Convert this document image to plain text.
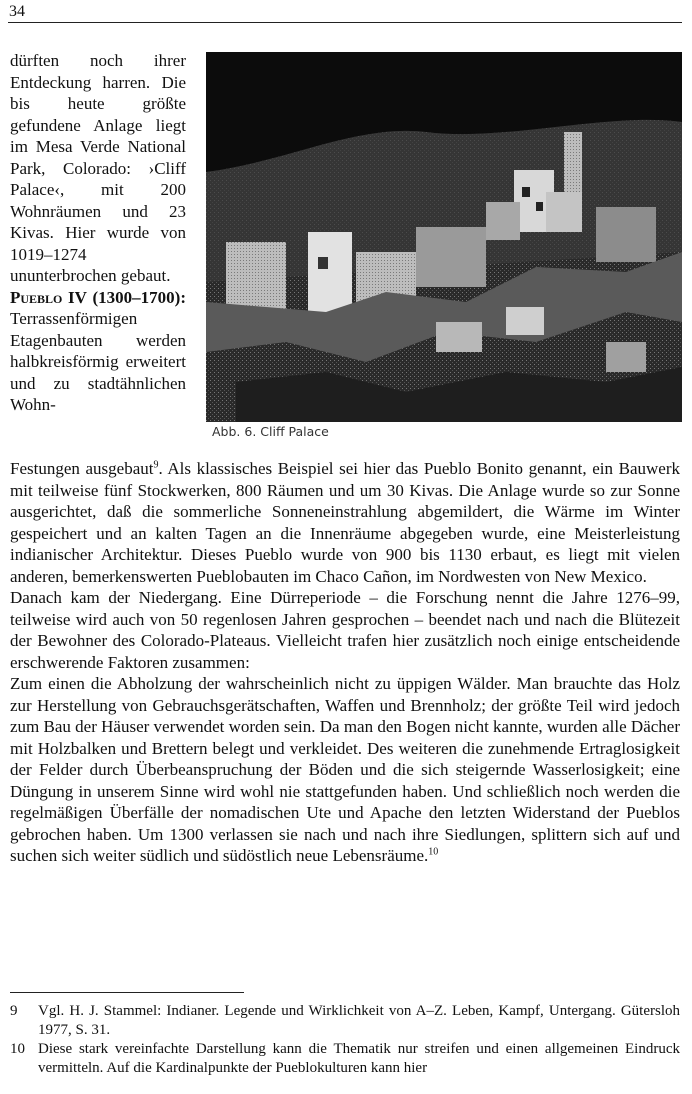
34
Abb. 6. Cliff Palace

dürften noch ihrer Entdeckung harren. Die bis heute größte gefundene Anlage liegt im Mesa Verde National Park, Colorado: ›Cliff Palace‹, mit 200 Wohnräumen und 23 Kivas. Hier wurde von 1019–1274 ununterbrochen gebaut.

Pueblo IV (1300–1700): Terrassenförmigen Etagenbauten werden halbkreisförmig erweitert und zu stadtähnlichen Wohn-

Festungen ausgebaut$^9$. Als klassisches Beispiel sei hier das Pueblo Bonito genannt, ein Bauwerk mit teilweise fünf Stockwerken, 800 Räumen und um 30 Kivas. Die Anlage wurde so zur Sonne ausgerichtet, daß die sommerliche Sonneneinstrahlung abgemildert, die Wärme im Winter gespeichert und an kalten Tagen an die Innenräume abgegeben wurde, eine Meisterleistung indianischer Architektur. Dieses Pueblo wurde von 900 bis 1130 erbaut, es liegt mit vielen anderen, bemerkenswerten Pueblobauten im Chaco Cañon, im Nordwesten von New Mexico.

Danach kam der Niedergang. Eine Dürreperiode – die Forschung nennt die Jahre 1276–99, teilweise wird auch von 50 regenlosen Jahren gesprochen – beendet nach und nach die Blütezeit der Bewohner des Colorado-Plateaus. Vielleicht trafen hier zusätzlich noch einige entscheidende erschwerende Faktoren zusammen:

Zum einen die Abholzung der wahrscheinlich nicht zu üppigen Wälder. Man brauchte das Holz zur Herstellung von Gebrauchsgerätschaften, Waffen und Brennholz; der größte Teil wird jedoch zum Bau der Häuser verwendet worden sein. Da man den Bogen nicht kannte, wurden alle Dächer mit Holzbalken und Brettern belegt und verkleidet. Des weiteren die zunehmende Ertraglosigkeit der Felder durch Überbeanspruchung der Böden und die sich steigernde Wasserlosigkeit; eine Düngung in unserem Sinne wird wohl nie stattgefunden haben. Und schließlich noch werden die regelmäßigen Überfälle der nomadischen Ute und Apache den letzten Widerstand der Pueblos gebrochen haben. Um 1300 verlassen sie nach und nach ihre Siedlungen, splittern sich auf und suchen sich weiter südlich und südöstlich neue Lebensräume.$^{10}$

9	Vgl. H. J. Stammel: Indianer. Legende und Wirklichkeit von A–Z. Leben, Kampf, Untergang. Gütersloh 1977, S. 31.
10 Diese stark vereinfachte Darstellung kann die Thematik nur streifen und einen allgemeinen Eindruck vermitteln. Auf die Kardinalpunkte der Pueblokulturen kann hier
